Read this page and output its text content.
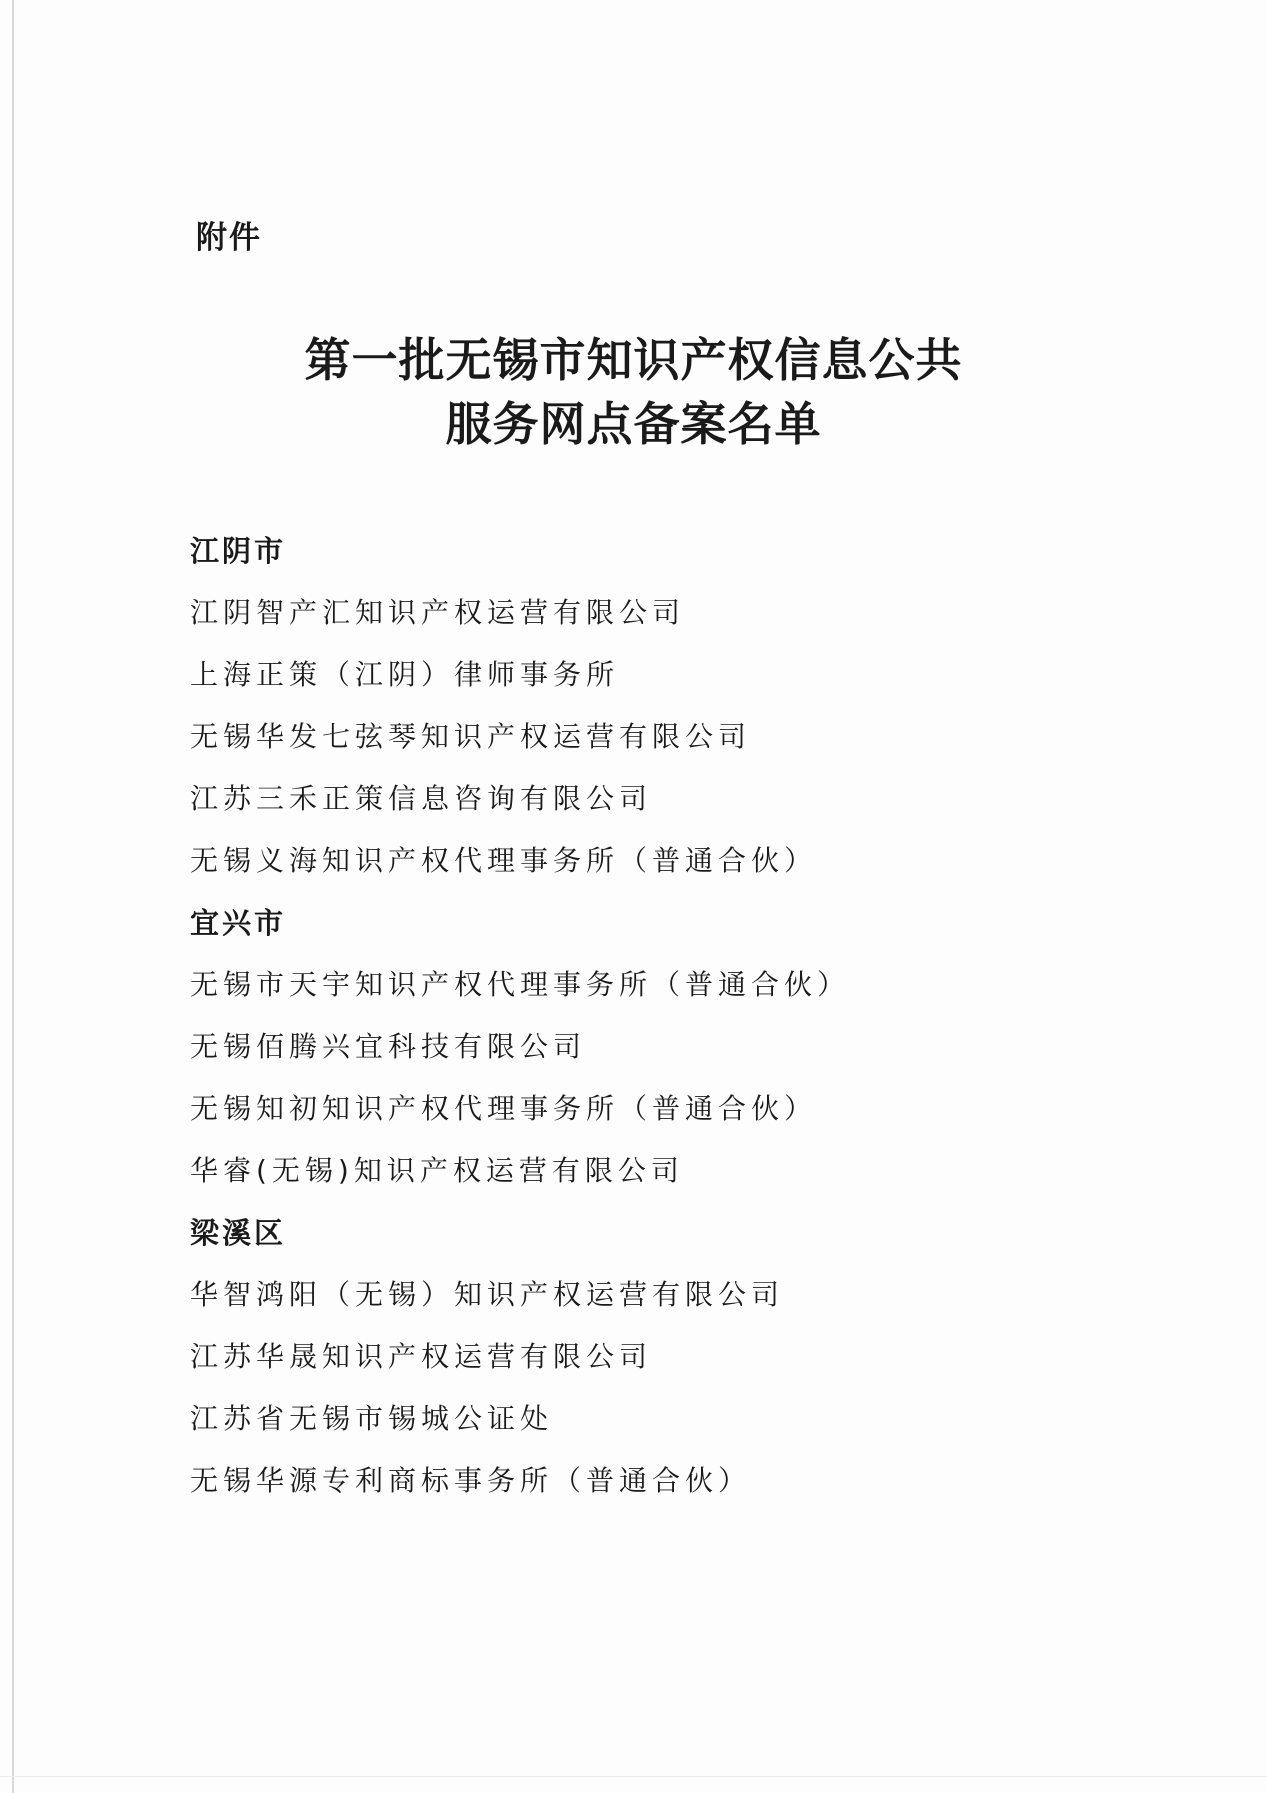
附件
第一批无锡市知识产权信息公共
服务网点备案名单
江阴市
江阴智产汇知识产权运营有限公司
上海正策（江阴）律师事务所
无锡华发七弦琴知识产权运营有限公司
江苏三禾正策信息咨询有限公司
无锡义海知识产权代理事务所（普通合伙）
宜兴市
无锡市天宇知识产权代理事务所（普通合伙）
无锡佰腾兴宜科技有限公司
无锡知初知识产权代理事务所（普通合伙）
华睿(无锡)知识产权运营有限公司
梁溪区
华智鸿阳（无锡）知识产权运营有限公司
江苏华晟知识产权运营有限公司
江苏省无锡市锡城公证处
无锡华源专利商标事务所（普通合伙）
